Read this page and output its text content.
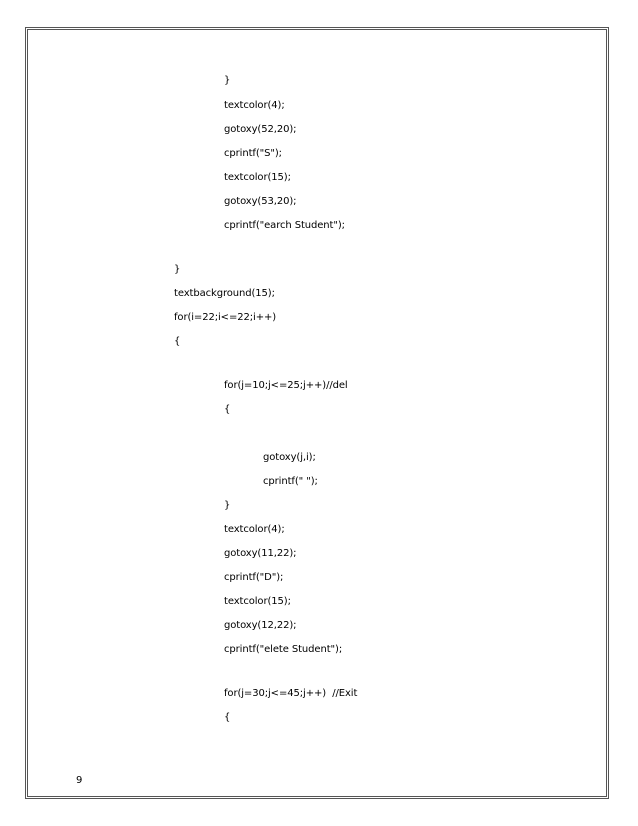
}
textcolor(4);
gotoxy(52,20);
cprintf("S");
textcolor(15);
gotoxy(53,20);
cprintf("earch Student");
}
textbackground(15);
for(i=22;i<=22;i++)
{
for(j=10;j<=25;j++)//del
{
gotoxy(j,i);
cprintf(" ");
}
textcolor(4);
gotoxy(11,22);
cprintf("D");
textcolor(15);
gotoxy(12,22);
cprintf("elete Student");
for(j=30;j<=45;j++)  //Exit
{
9
